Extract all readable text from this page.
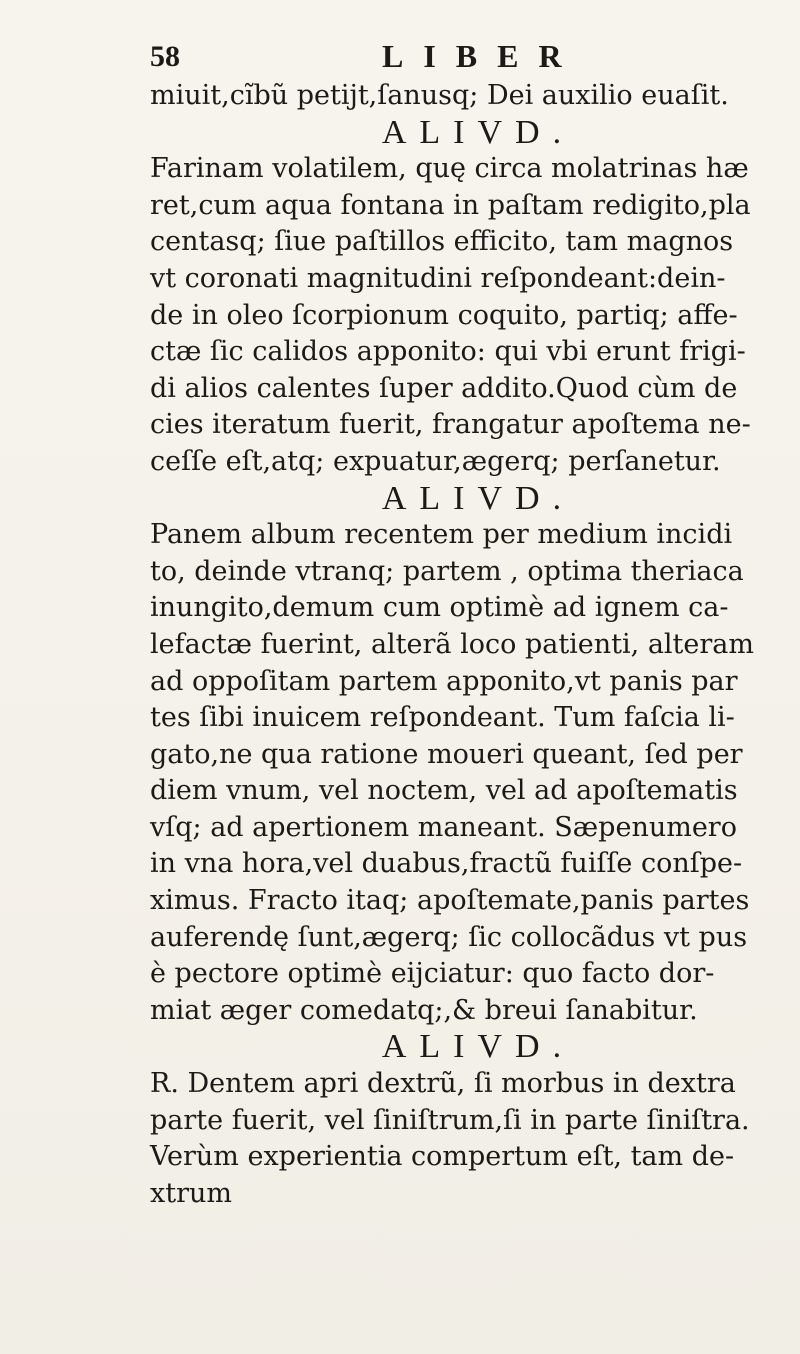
58	LIBER
miuit,cĩbũ petijt,ſanusq; Dei auxilio euaſit.
ALIVD.
Farinam volatilem, quę circa molatrinas hæ
ret,cum aqua fontana in paſtam redigito,pla
centasq; ſiue paſtillos efficito, tam magnos
vt coronati magnitudini reſpondeant:dein-
de in oleo ſcorpionum coquito, partiq; affe-
ctæ ſic calidos apponito: qui vbi erunt frigi-
di alios calentes ſuper addito.Quod cùm de
cies iteratum fuerit, frangatur apoſtema ne-
ceſſe eſt,atq; expuatur,ægerq; perſanetur.
ALIVD.
Panem album recentem per medium incidi
to, deinde vtranq; partem , optima theriaca
inungito,demum cum optimè ad ignem ca-
lefactæ fuerint, alterã loco patienti, alteram
ad oppoſitam partem apponito,vt panis par
tes ſibi inuicem reſpondeant. Tum faſcia li-
gato,ne qua ratione moueri queant, ſed per
diem vnum, vel noctem, vel ad apoſtematis
vſq; ad apertionem maneant. Sæpenumero
in vna hora,vel duabus,fractũ fuiſſe conſpe-
ximus. Fracto itaq; apoſtemate,panis partes
auferendę ſunt,ægerq; ſic collocãdus vt pus
è pectore optimè eijciatur: quo facto dor-
miat æger comedatq;,& breui ſanabitur.
ALIVD.
R. Dentem apri dextrũ, ſi morbus in dextra
parte fuerit, vel ſiniſtrum,ſi in parte ſiniſtra.
Verùm experientia compertum eſt, tam de-
xtrum
